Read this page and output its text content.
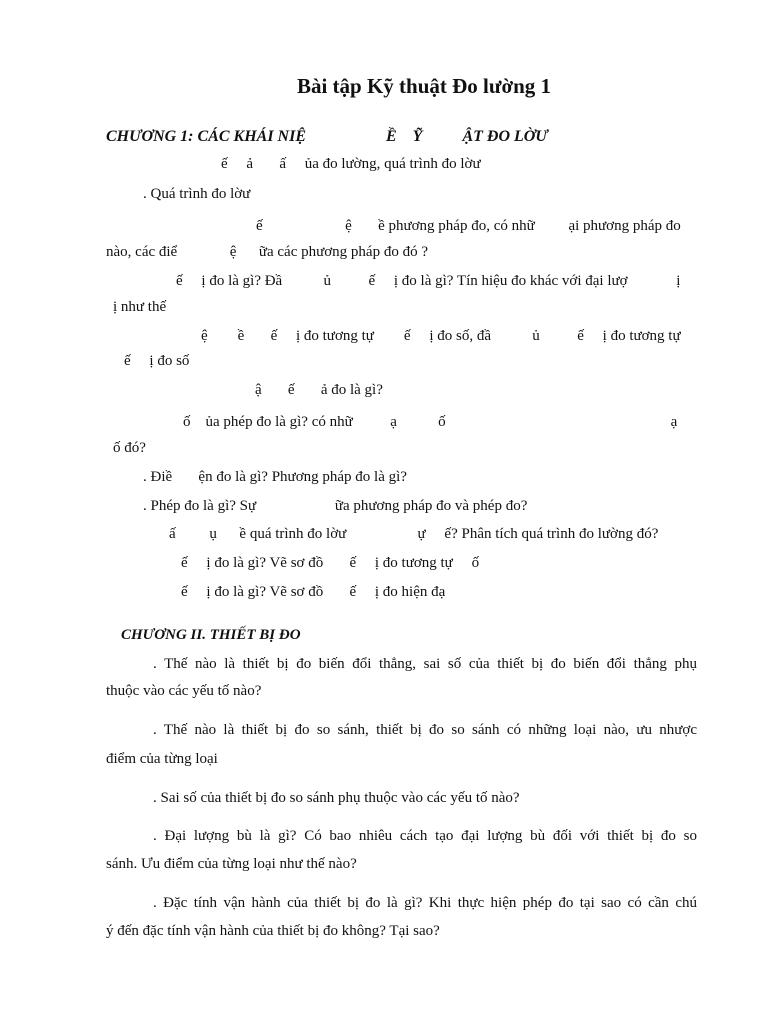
Bài tập Kỹ thuật Đo lường 1
CHƯƠNG 1: CÁC KHÁI NIỆ                    Ề    Ỹ          ẬT ĐO LỜƯ
ế     ả       ấ     ủa đo lường, quá trình đo lờư
. Quá trình đo lờư
ế                      ệ       ề phương pháp đo, có nhữ         ại phương pháp đo
nào, các điể              ệ      ữa các phương pháp đo đó ?
ế     ị đo là gì? Đầ           ủ          ế     ị đo là gì? Tín hiệu đo khác với đại lượ             ị
ị như thế
ệ        ề       ế     ị đo tương tự        ế     ị đo số, đầ           ủ          ế     ị đo tương tự
ế     ị đo số
ậ       ế       ả đo là gì?
ố    ủa phép đo là gì? có nhữ          ạ           ố                                                            ạ
ố đó?
. Điề       ện đo là gì? Phương pháp đo là gì?
. Phép đo là gì? Sự                     ữa phương pháp đo và phép đo?
ấ         ụ      ề quá trình đo lờư                   ự     ế? Phân tích quá trình đo lường đó?
ế     ị đo là gì? Vẽ sơ đồ       ế     ị đo tương tự     ố
ế     ị đo là gì? Vẽ sơ đồ       ế     ị đo hiện đạ
CHƯƠNG II. THIẾT BỊ ĐO
. Thế nào là thiết bị đo biến đổi thẳng, sai số của thiết bị đo biến đổi thẳng phụ
thuộc vào các yếu tố nào?
. Thế nào là thiết bị đo so sánh, thiết bị đo so sánh có những loại nào, ưu nhược
điểm của từng loại
. Sai số của thiết bị đo so sánh phụ thuộc vào các yếu tố nào?
. Đại lượng bù là gì? Có bao nhiêu cách tạo đại lượng bù đối với thiết bị đo so
sánh. Ưu điểm của từng loại như thế nào?
. Đặc tính vận hành của thiết bị đo là gì? Khi thực hiện phép đo tại sao có cần chú
ý đến đặc tính vận hành của thiết bị đo không? Tại sao?
